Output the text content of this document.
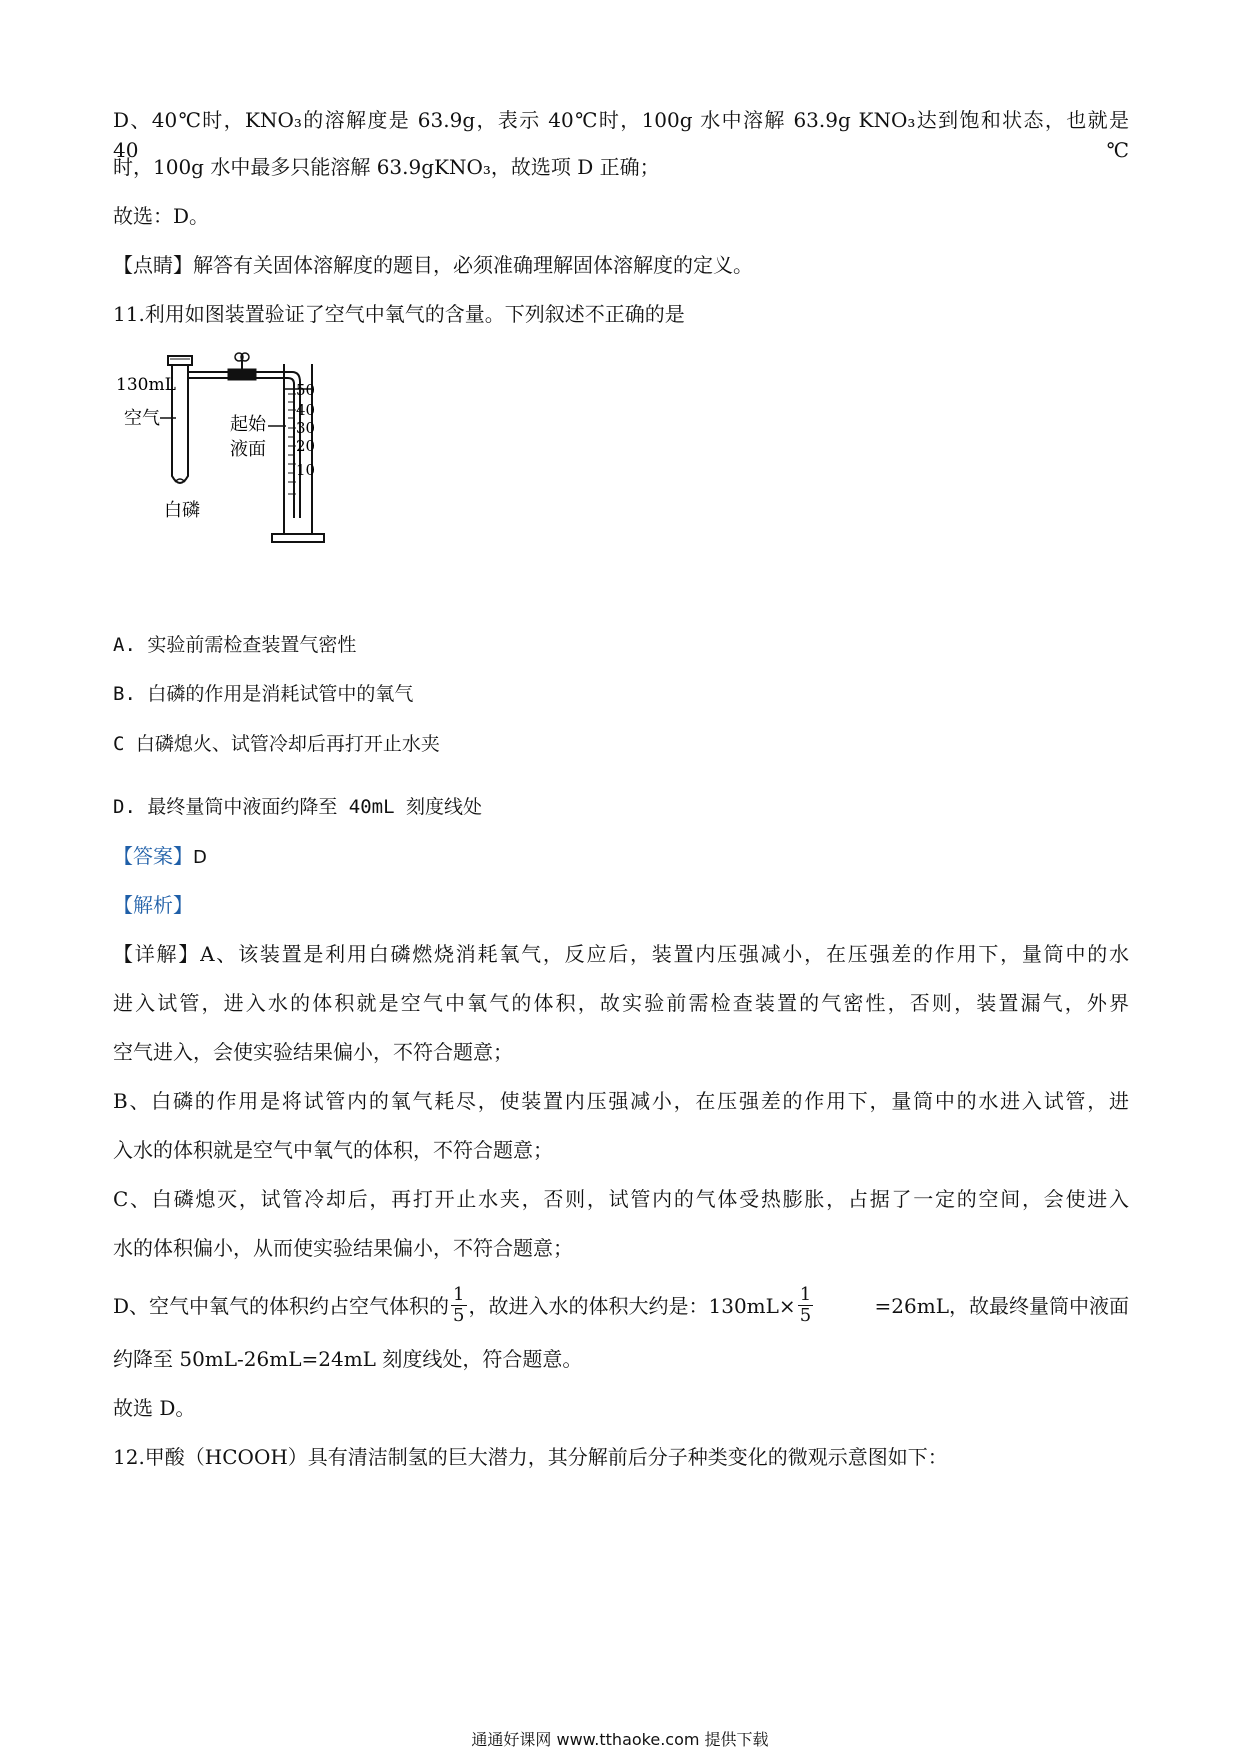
D、40℃时，KNO₃的溶解度是 63.9g，表示 40℃时，100g 水中溶解 63.9g KNO₃达到饱和状态，也就是 40℃
时，100g 水中最多只能溶解 63.9gKNO₃，故选项 D 正确；
故选：D。
【点睛】解答有关固体溶解度的题目，必须准确理解固体溶解度的定义。
11.利用如图装置验证了空气中氧气的含量。下列叙述不正确的是
50
40
30
20
10
130mL
空气	起始
液面
白磷
A. 实验前需检查装置气密性
B. 白磷的作用是消耗试管中的氧气
C 白磷熄火、试管冷却后再打开止水夹
D. 最终量筒中液面约降至 40mL 刻度线处
【答案】D
【解析】
【详解】A、该装置是利用白磷燃烧消耗氧气，反应后，装置内压强减小，在压强差的作用下，量筒中的水
进入试管，进入水的体积就是空气中氧气的体积，故实验前需检查装置的气密性，否则，装置漏气，外界
空气进入，会使实验结果偏小，不符合题意；
B、白磷的作用是将试管内的氧气耗尽，使装置内压强减小，在压强差的作用下，量筒中的水进入试管，进
入水的体积就是空气中氧气的体积，不符合题意；
C、白磷熄灭，试管冷却后，再打开止水夹，否则，试管内的气体受热膨胀，占据了一定的空间，会使进入
水的体积偏小，从而使实验结果偏小，不符合题意；
D、空气中氧气的体积约占空气体积的 $\frac{1}{5}$ ，故进入水的体积大约是：$130mL\times \frac{1}{5}$	=26mL，故最终量筒中液面
约降至 50mL-26mL=24mL 刻度线处，符合题意。
故选 D。
12.甲酸（HCOOH）具有清洁制氢的巨大潜力，其分解前后分子种类变化的微观示意图如下：
通通好课网 www.tthaoke.com 提供下载
